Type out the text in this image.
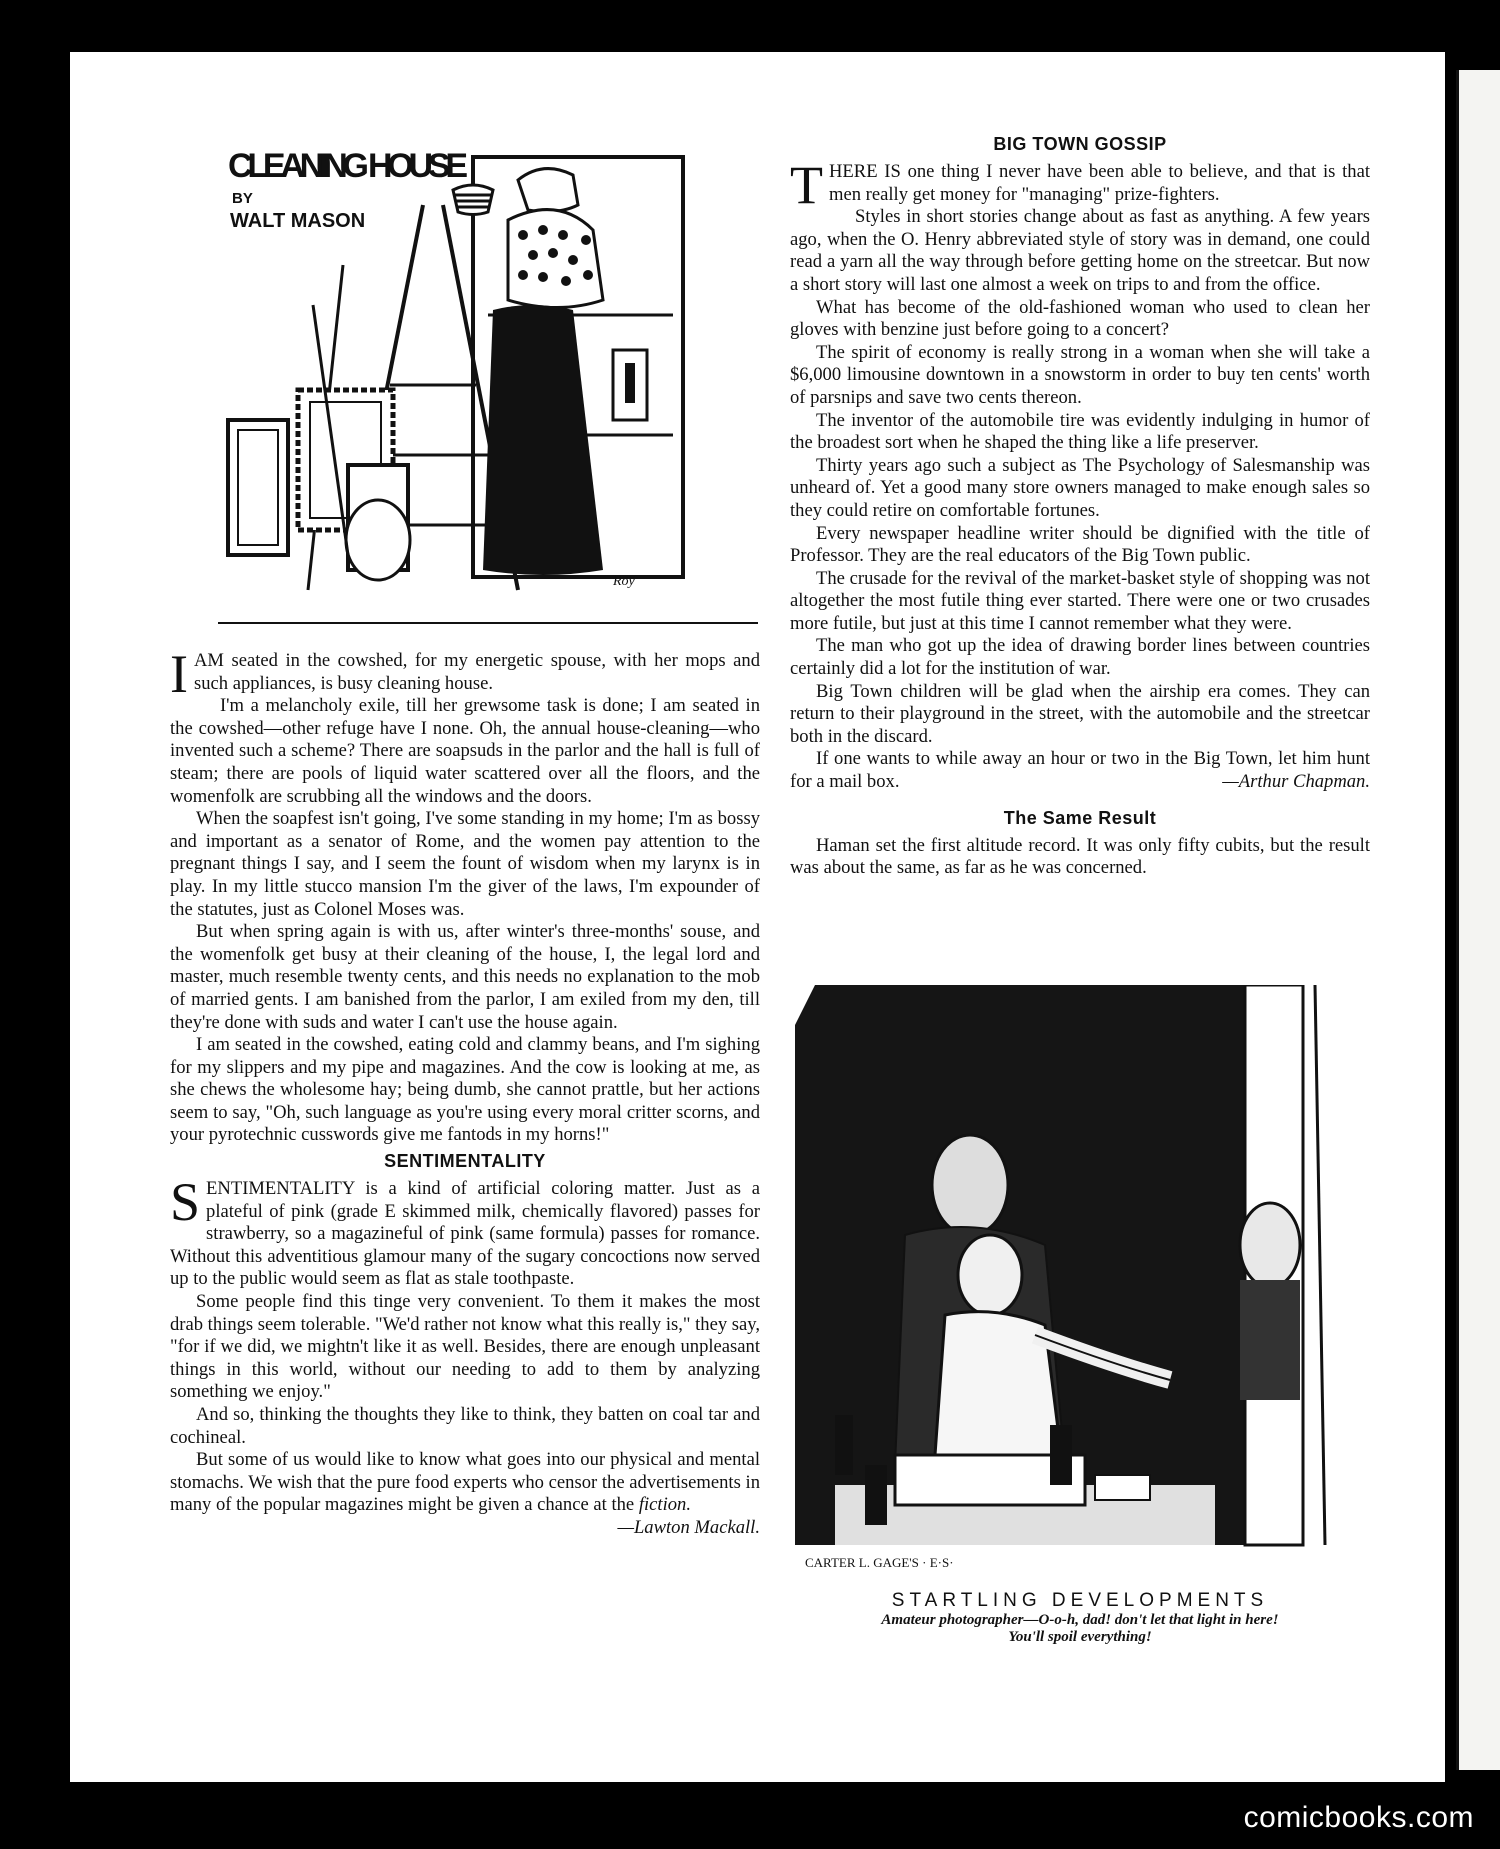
CLEANING HOUSE
BY
WALT MASON
Roy

IAM seated in the cowshed, for my energetic spouse, with her mops and such appliances, is busy cleaning house.

I'm a melancholy exile, till her grewsome task is done; I am seated in the cowshed—other refuge have I none. Oh, the annual house-cleaning—who invented such a scheme? There are soapsuds in the parlor and the hall is full of steam; there are pools of liquid water scattered over all the floors, and the womenfolk are scrubbing all the windows and the doors.

When the soapfest isn't going, I've some standing in my home; I'm as bossy and important as a senator of Rome, and the women pay attention to the pregnant things I say, and I seem the fount of wisdom when my larynx is in play. In my little stucco mansion I'm the giver of the laws, I'm expounder of the statutes, just as Colonel Moses was.

But when spring again is with us, after winter's three-months' souse, and the womenfolk get busy at their cleaning of the house, I, the legal lord and master, much resemble twenty cents, and this needs no explanation to the mob of married gents. I am banished from the parlor, I am exiled from my den, till they're done with suds and water I can't use the house again.

I am seated in the cowshed, eating cold and clammy beans, and I'm sighing for my slippers and my pipe and magazines. And the cow is looking at me, as she chews the wholesome hay; being dumb, she cannot prattle, but her actions seem to say, "Oh, such language as you're using every moral critter scorns, and your pyrotechnic cusswords give me fantods in my horns!"

SENTIMENTALITY

SENTIMENTALITY is a kind of artificial coloring matter. Just as a plateful of pink (grade E skimmed milk, chemically flavored) passes for strawberry, so a magazineful of pink (same formula) passes for romance. Without this adventitious glamour many of the sugary concoctions now served up to the public would seem as flat as stale toothpaste.

Some people find this tinge very convenient. To them it makes the most drab things seem tolerable. "We'd rather not know what this really is," they say, "for if we did, we mightn't like it as well. Besides, there are enough unpleasant things in this world, without our needing to add to them by analyzing something we enjoy."

And so, thinking the thoughts they like to think, they batten on coal tar and cochineal.

But some of us would like to know what goes into our physical and mental stomachs. We wish that the pure food experts who censor the advertisements in many of the popular magazines might be given a chance at the fiction.
—Lawton Mackall.

BIG TOWN GOSSIP

THERE IS one thing I never have been able to believe, and that is that men really get money for "managing" prize-fighters.

Styles in short stories change about as fast as anything. A few years ago, when the O. Henry abbreviated style of story was in demand, one could read a yarn all the way through before getting home on the streetcar. But now a short story will last one almost a week on trips to and from the office.

What has become of the old-fashioned woman who used to clean her gloves with benzine just before going to a concert?

The spirit of economy is really strong in a woman when she will take a $6,000 limousine downtown in a snowstorm in order to buy ten cents' worth of parsnips and save two cents thereon.

The inventor of the automobile tire was evidently indulging in humor of the broadest sort when he shaped the thing like a life preserver.

Thirty years ago such a subject as The Psychology of Salesmanship was unheard of. Yet a good many store owners managed to make enough sales so they could retire on comfortable fortunes.

Every newspaper headline writer should be dignified with the title of Professor. They are the real educators of the Big Town public.

The crusade for the revival of the market-basket style of shopping was not altogether the most futile thing ever started. There were one or two crusades more futile, but just at this time I cannot remember what they were.

The man who got up the idea of drawing border lines between countries certainly did a lot for the institution of war.

Big Town children will be glad when the airship era comes. They can return to their playground in the street, with the automobile and the streetcar both in the discard.

If one wants to while away an hour or two in the Big Town, let him hunt for a mail box.	—Arthur Chapman.

The Same Result

Haman set the first altitude record. It was only fifty cubits, but the result was about the same, as far as he was concerned.

CARTER L. GAGE'S · E·S·
STARTLING DEVELOPMENTS
Amateur photographer—O-o-h, dad! don't let that light in here!
You'll spoil everything!
comicbooks.com
